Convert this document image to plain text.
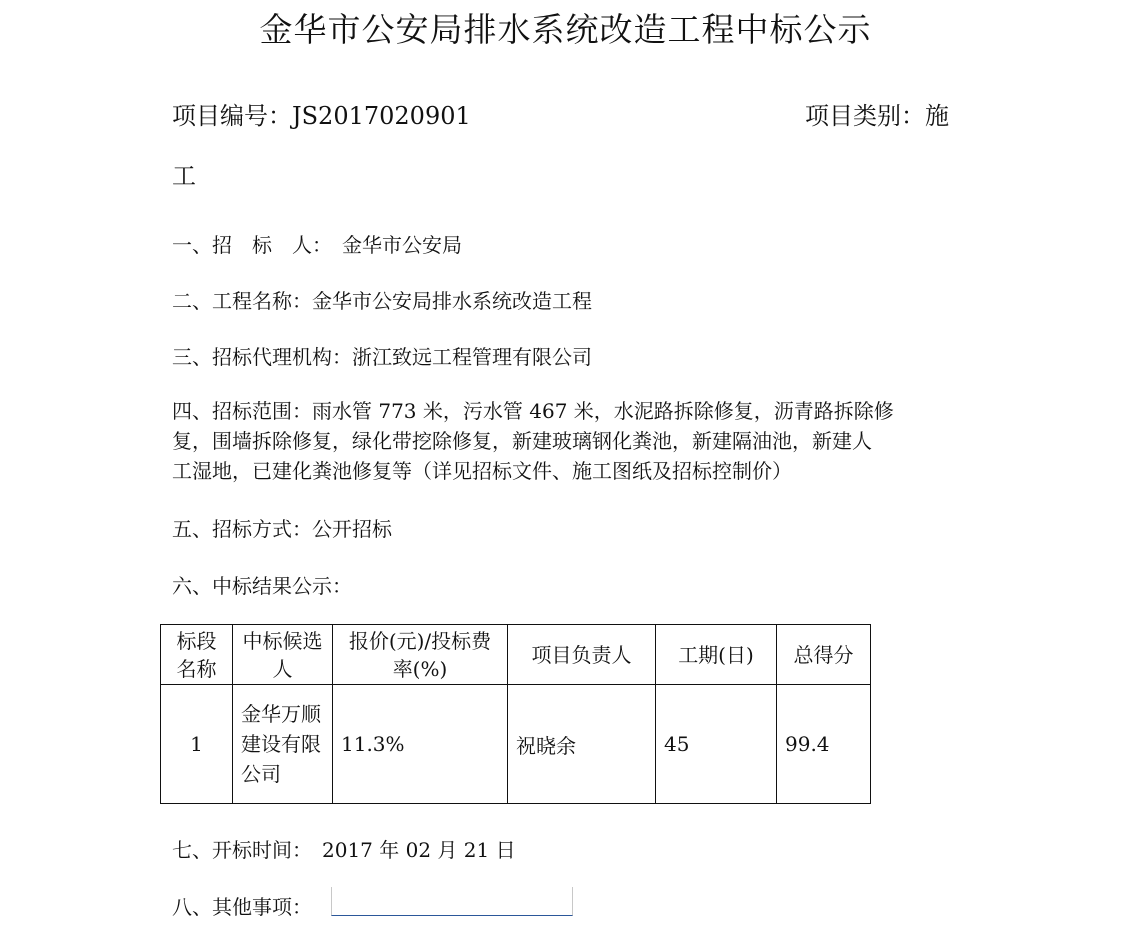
金华市公安局排水系统改造工程中标公示
项目编号：JS2017020901	项目类别：施
工
一、招　标　人：　金华市公安局
二、工程名称：金华市公安局排水系统改造工程
三、招标代理机构：浙江致远工程管理有限公司
四、招标范围：雨水管 773 米，污水管 467 米，水泥路拆除修复，沥青路拆除修
复，围墙拆除修复，绿化带挖除修复，新建玻璃钢化粪池，新建隔油池，新建人
工湿地，已建化粪池修复等（详见招标文件、施工图纸及招标控制价）
五、招标方式：公开招标
六、中标结果公示：
标段名称	中标候选人	报价(元)/投标费率(%)	项目负责人	工期(日)	总得分
1	金华万顺建设有限公司	11.3%	祝晓余	45	99.4
七、开标时间：　2017 年 02 月 21 日
八、其他事项：
